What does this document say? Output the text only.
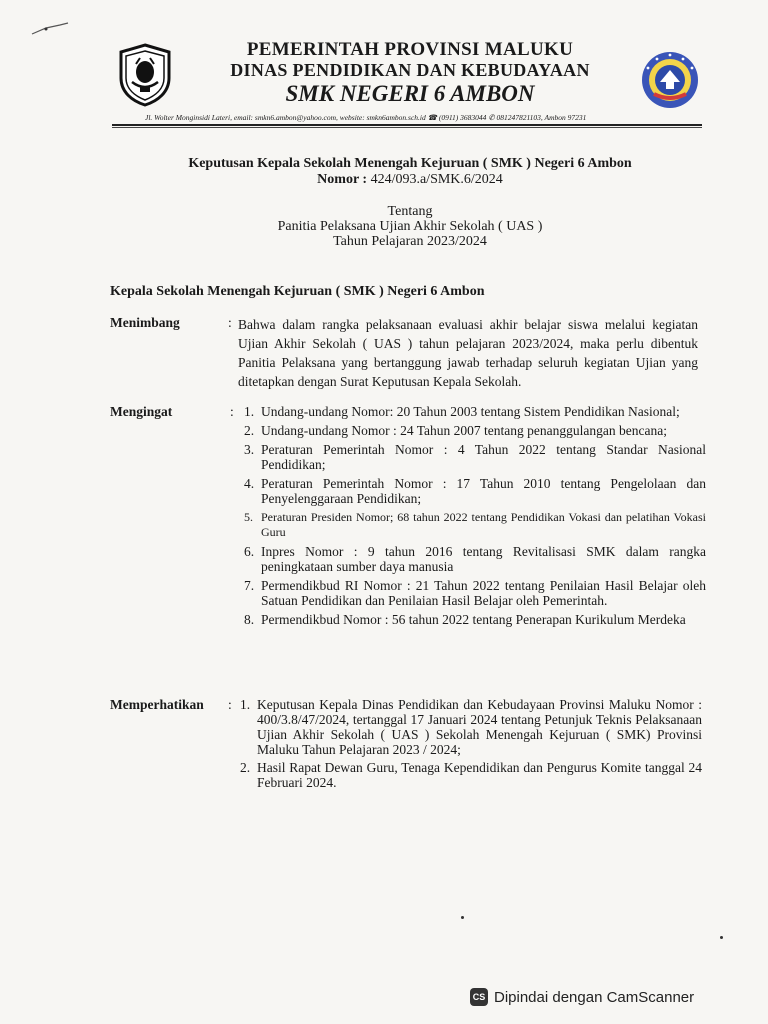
PEMERINTAH PROVINSI MALUKU
DINAS PENDIDIKAN DAN KEBUDAYAAN
SMK NEGERI 6 AMBON
Jl. Wolter Monginsidi Lateri, email: smkn6.ambon@yahoo.com, website: smkn6ambon.sch.id ☎ (0911) 3683044 ✆ 081247821103, Ambon 97231
Keputusan Kepala Sekolah Menengah Kejuruan ( SMK ) Negeri 6 Ambon
Nomor : 424/093.a/SMK.6/2024
Tentang
Panitia Pelaksana Ujian Akhir Sekolah ( UAS )
Tahun Pelajaran 2023/2024
Kepala Sekolah Menengah Kejuruan ( SMK ) Negeri 6 Ambon
Menimbang	: Bahwa dalam rangka pelaksanaan evaluasi akhir belajar siswa melalui kegiatan Ujian Akhir Sekolah ( UAS ) tahun pelajaran 2023/2024, maka perlu dibentuk Panitia Pelaksana yang bertanggung jawab terhadap seluruh kegiatan Ujian yang ditetapkan dengan Surat Keputusan Kepala Sekolah.
Mengingat	: 1. Undang-undang Nomor: 20 Tahun 2003 tentang Sistem Pendidikan Nasional;
2. Undang-undang Nomor : 24 Tahun 2007 tentang penanggulangan bencana;
3. Peraturan Pemerintah Nomor : 4 Tahun 2022 tentang Standar Nasional Pendidikan;
4. Peraturan Pemerintah Nomor : 17 Tahun 2010 tentang Pengelolaan dan Penyelenggaraan Pendidikan;
5. Peraturan Presiden Nomor; 68 tahun 2022 tentang Pendidikan Vokasi dan pelatihan Vokasi Guru
6. Inpres Nomor : 9 tahun 2016 tentang Revitalisasi SMK dalam rangka peningkataan sumber daya manusia
7. Permendikbud RI Nomor : 21 Tahun 2022 tentang Penilaian Hasil Belajar oleh Satuan Pendidikan dan Penilaian Hasil Belajar oleh Pemerintah.
8. Permendikbud Nomor : 56 tahun 2022 tentang Penerapan Kurikulum Merdeka
Memperhatikan : 1. Keputusan Kepala Dinas Pendidikan dan Kebudayaan Provinsi Maluku Nomor : 400/3.8/47/2024, tertanggal 17 Januari 2024 tentang Petunjuk Teknis Pelaksanaan Ujian Akhir Sekolah ( UAS ) Sekolah Menengah Kejuruan ( SMK) Provinsi Maluku Tahun Pelajaran 2023 / 2024;
2. Hasil Rapat Dewan Guru, Tenaga Kependidikan dan Pengurus Komite tanggal 24 Februari 2024.
CS Dipindai dengan CamScanner
